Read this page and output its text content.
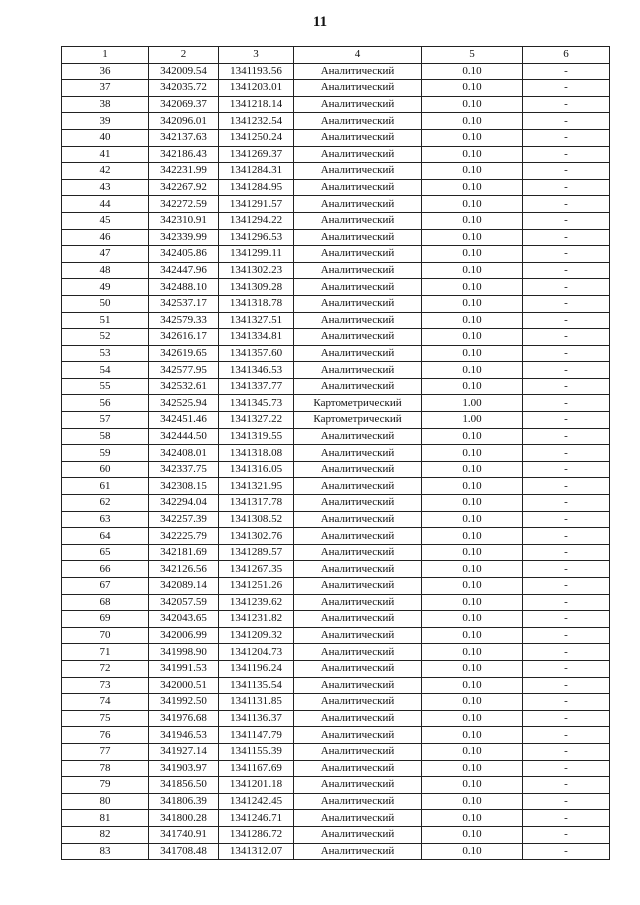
11
1	2	3	4	5	6
36	342009.54	1341193.56	Аналитический	0.10	-
37	342035.72	1341203.01	Аналитический	0.10	-
38	342069.37	1341218.14	Аналитический	0.10	-
39	342096.01	1341232.54	Аналитический	0.10	-
40	342137.63	1341250.24	Аналитический	0.10	-
41	342186.43	1341269.37	Аналитический	0.10	-
42	342231.99	1341284.31	Аналитический	0.10	-
43	342267.92	1341284.95	Аналитический	0.10	-
44	342272.59	1341291.57	Аналитический	0.10	-
45	342310.91	1341294.22	Аналитический	0.10	-
46	342339.99	1341296.53	Аналитический	0.10	-
47	342405.86	1341299.11	Аналитический	0.10	-
48	342447.96	1341302.23	Аналитический	0.10	-
49	342488.10	1341309.28	Аналитический	0.10	-
50	342537.17	1341318.78	Аналитический	0.10	-
51	342579.33	1341327.51	Аналитический	0.10	-
52	342616.17	1341334.81	Аналитический	0.10	-
53	342619.65	1341357.60	Аналитический	0.10	-
54	342577.95	1341346.53	Аналитический	0.10	-
55	342532.61	1341337.77	Аналитический	0.10	-
56	342525.94	1341345.73	Картометрический	1.00	-
57	342451.46	1341327.22	Картометрический	1.00	-
58	342444.50	1341319.55	Аналитический	0.10	-
59	342408.01	1341318.08	Аналитический	0.10	-
60	342337.75	1341316.05	Аналитический	0.10	-
61	342308.15	1341321.95	Аналитический	0.10	-
62	342294.04	1341317.78	Аналитический	0.10	-
63	342257.39	1341308.52	Аналитический	0.10	-
64	342225.79	1341302.76	Аналитический	0.10	-
65	342181.69	1341289.57	Аналитический	0.10	-
66	342126.56	1341267.35	Аналитический	0.10	-
67	342089.14	1341251.26	Аналитический	0.10	-
68	342057.59	1341239.62	Аналитический	0.10	-
69	342043.65	1341231.82	Аналитический	0.10	-
70	342006.99	1341209.32	Аналитический	0.10	-
71	341998.90	1341204.73	Аналитический	0.10	-
72	341991.53	1341196.24	Аналитический	0.10	-
73	342000.51	1341135.54	Аналитический	0.10	-
74	341992.50	1341131.85	Аналитический	0.10	-
75	341976.68	1341136.37	Аналитический	0.10	-
76	341946.53	1341147.79	Аналитический	0.10	-
77	341927.14	1341155.39	Аналитический	0.10	-
78	341903.97	1341167.69	Аналитический	0.10	-
79	341856.50	1341201.18	Аналитический	0.10	-
80	341806.39	1341242.45	Аналитический	0.10	-
81	341800.28	1341246.71	Аналитический	0.10	-
82	341740.91	1341286.72	Аналитический	0.10	-
83	341708.48	1341312.07	Аналитический	0.10	-
